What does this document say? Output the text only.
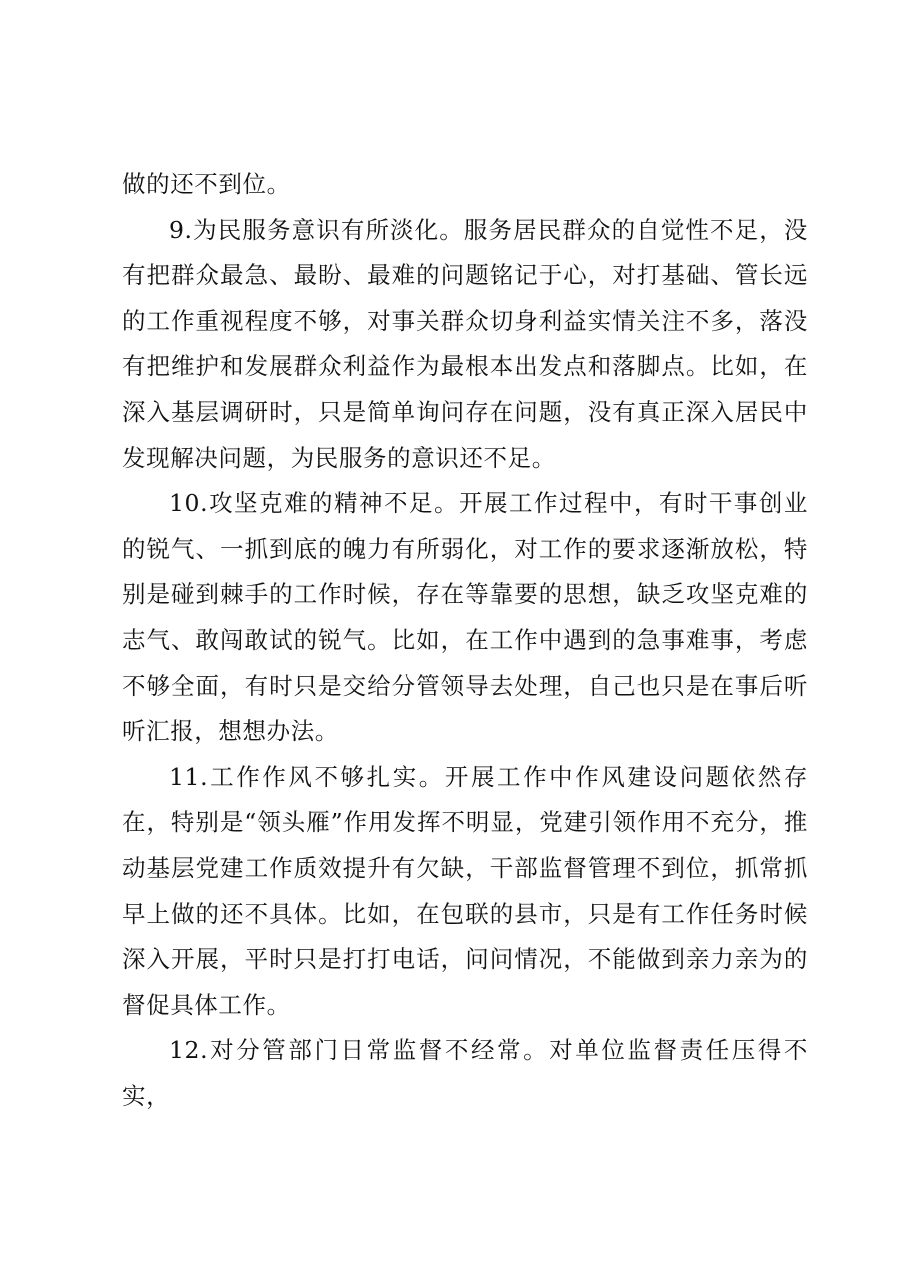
做的还不到位。

9.为民服务意识有所淡化。服务居民群众的自觉性不足，没有把群众最急、最盼、最难的问题铭记于心，对打基础、管长远的工作重视程度不够，对事关群众切身利益实情关注不多，落没有把维护和发展群众利益作为最根本出发点和落脚点。比如，在深入基层调研时，只是简单询问存在问题，没有真正深入居民中发现解决问题，为民服务的意识还不足。

10.攻坚克难的精神不足。开展工作过程中，有时干事创业的锐气、一抓到底的魄力有所弱化，对工作的要求逐渐放松，特别是碰到棘手的工作时候，存在等靠要的思想，缺乏攻坚克难的志气、敢闯敢试的锐气。比如，在工作中遇到的急事难事，考虑不够全面，有时只是交给分管领导去处理，自己也只是在事后听听汇报，想想办法。

11.工作作风不够扎实。开展工作中作风建设问题依然存在，特别是“领头雁”作用发挥不明显，党建引领作用不充分，推动基层党建工作质效提升有欠缺，干部监督管理不到位，抓常抓早上做的还不具体。比如，在包联的县市，只是有工作任务时候深入开展，平时只是打打电话，问问情况，不能做到亲力亲为的督促具体工作。

12.对分管部门日常监督不经常。对单位监督责任压得不实，
